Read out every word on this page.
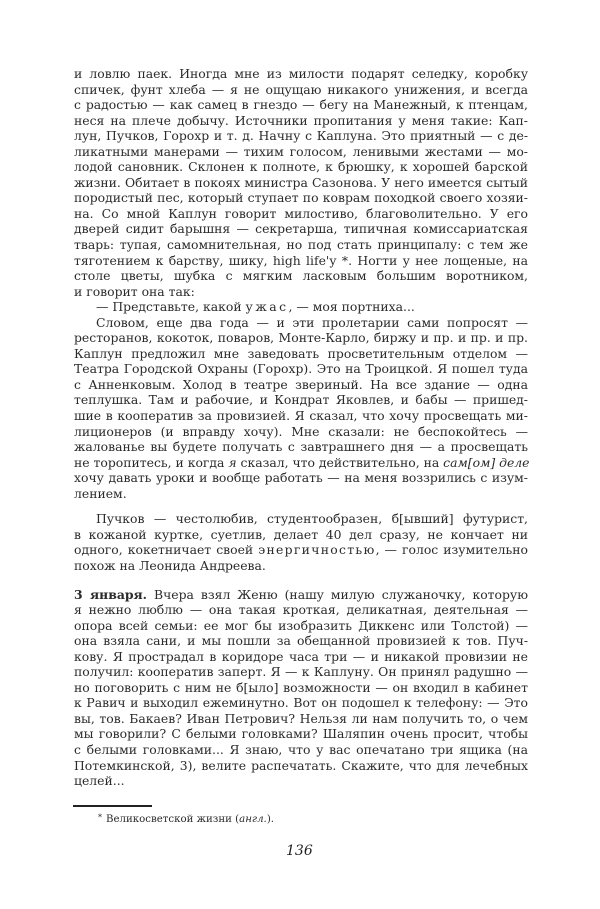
и ловлю паек. Иногда мне из милости подарят селедку, коробку
спичек, фунт хлеба — я не ощущаю никакого унижения, и всегда
с радостью — как самец в гнездо — бегу на Манежный, к птенцам,
неся на плече добычу. Источники пропитания у меня такие: Кап-
лун, Пучков, Горохр и т. д. Начну с Каплуна. Это приятный — с де-
ликатными манерами — тихим голосом, ленивыми жестами — мо-
лодой сановник. Склонен к полноте, к брюшку, к хорошей барской
жизни. Обитает в покоях министра Сазонова. У него имеется сытый
породистый пес, который ступает по коврам походкой своего хозяи-
на. Со мной Каплун говорит милостиво, благоволительно. У его
дверей сидит барышня — секретарша, типичная комиссариатская
тварь: тупая, самомнительная, но под стать принципалу: с тем же
тяготением к барству, шику, high life'у *. Ногти у нее лощеные, на
столе цветы, шубка с мягким ласковым большим воротником,
и говорит она так:
— Представьте, какой ужас, — моя портниха...
Словом, еще два года — и эти пролетарии сами попросят —
ресторанов, кокоток, поваров, Монте-Карло, биржу и пр. и пр. и пр.
Каплун предложил мне заведовать просветительным отделом —
Театра Городской Охраны (Горохр). Это на Троицкой. Я пошел туда
с Анненковым. Холод в театре звериный. На все здание — одна
теплушка. Там и рабочие, и Кондрат Яковлев, и бабы — пришед-
шие в кооператив за провизией. Я сказал, что хочу просвещать ми-
лиционеров (и вправду хочу). Мне сказали: не беспокойтесь —
жалованье вы будете получать с завтрашнего дня — а просвещать
не торопитесь, и когда я сказал, что действительно, на сам[ом] деле
хочу давать уроки и вообще работать — на меня воззрились с изум-
лением.
Пучков — честолюбив, студентообразен, б[ывший] футурист,
в кожаной куртке, суетлив, делает 40 дел сразу, не кончает ни
одного, кокетничает своей энергичностью, — голос изумительно
похож на Леонида Андреева.
3 января. Вчера взял Женю (нашу милую служаночку, которую
я нежно люблю — она такая кроткая, деликатная, деятельная —
опора всей семьи: ее мог бы изобразить Диккенс или Толстой) —
она взяла сани, и мы пошли за обещанной провизией к тов. Пуч-
кову. Я прострадал в коридоре часа три — и никакой провизии не
получил: кооператив заперт. Я — к Каплуну. Он принял радушно —
но поговорить с ним не б[ыло] возможности — он входил в кабинет
к Равич и выходил ежеминутно. Вот он подошел к телефону: — Это
вы, тов. Бакаев? Иван Петрович? Нельзя ли нам получить то, о чем
мы говорили? С белыми головками? Шаляпин очень просит, чтобы
с белыми головками... Я знаю, что у вас опечатано три ящика (на
Потемкинской, 3), велите распечатать. Скажите, что для лечебных
целей...
* Великосветской жизни (англ.).
136
